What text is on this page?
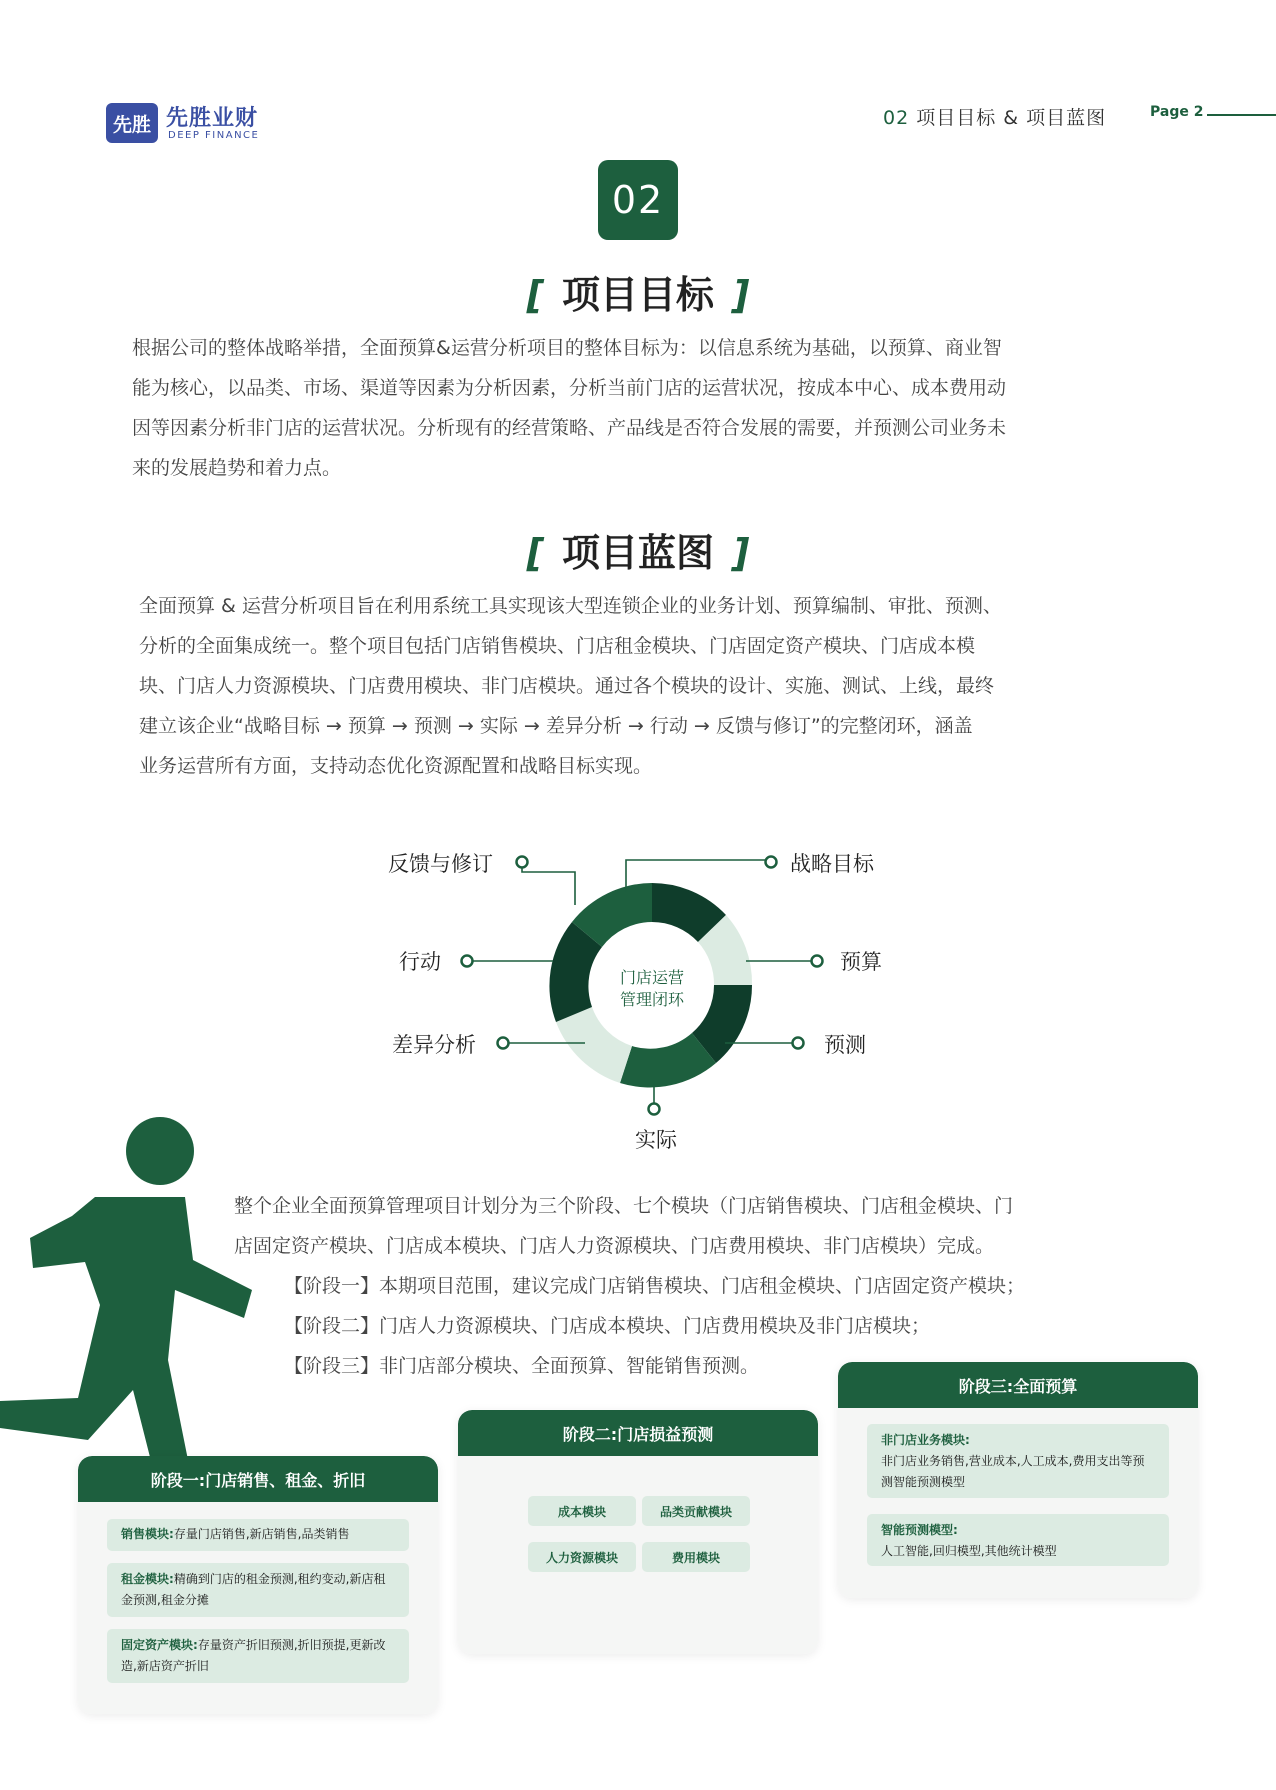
先胜 先胜业财
DEEP FINANCE
02 项目目标 & 项目蓝图	Page 2
02
[ 项目目标 ]
根据公司的整体战略举措，全面预算&运营分析项目的整体目标为：以信息系统为基础，以预算、商业智
能为核心，以品类、市场、渠道等因素为分析因素，分析当前门店的运营状况，按成本中心、成本费用动
因等因素分析非门店的运营状况。分析现有的经营策略、产品线是否符合发展的需要，并预测公司业务未
来的发展趋势和着力点。
[ 项目蓝图 ]
全面预算 & 运营分析项目旨在利用系统工具实现该大型连锁企业的业务计划、预算编制、审批、预测、
分析的全面集成统一。整个项目包括门店销售模块、门店租金模块、门店固定资产模块、门店成本模
块、门店人力资源模块、门店费用模块、非门店模块。通过各个模块的设计、实施、测试、上线，最终
建立该企业“战略目标 → 预算 → 预测 → 实际 → 差异分析 → 行动 → 反馈与修订”的完整闭环，涵盖
业务运营所有方面，支持动态优化资源配置和战略目标实现。
门店运营
管理闭环
战略目标
预算
预测
实际
差异分析
行动
反馈与修订
整个企业全面预算管理项目计划分为三个阶段、七个模块（门店销售模块、门店租金模块、门
店固定资产模块、门店成本模块、门店人力资源模块、门店费用模块、非门店模块）完成。
【阶段一】本期项目范围，建议完成门店销售模块、门店租金模块、门店固定资产模块；
【阶段二】门店人力资源模块、门店成本模块、门店费用模块及非门店模块；
【阶段三】非门店部分模块、全面预算、智能销售预测。
阶段一:门店销售、租金、折旧
销售模块:存量门店销售,新店销售,品类销售
租金模块:精确到门店的租金预测,租约变动,新店租金预测,租金分摊
固定资产模块:存量资产折旧预测,折旧预提,更新改造,新店资产折旧
阶段二:门店损益预测
成本模块	品类贡献模块
人力资源模块	费用模块
阶段三:全面预算
非门店业务模块:
非门店业务销售,营业成本,人工成本,费用支出等预测智能预测模型
智能预测模型:
人工智能,回归模型,其他统计模型
